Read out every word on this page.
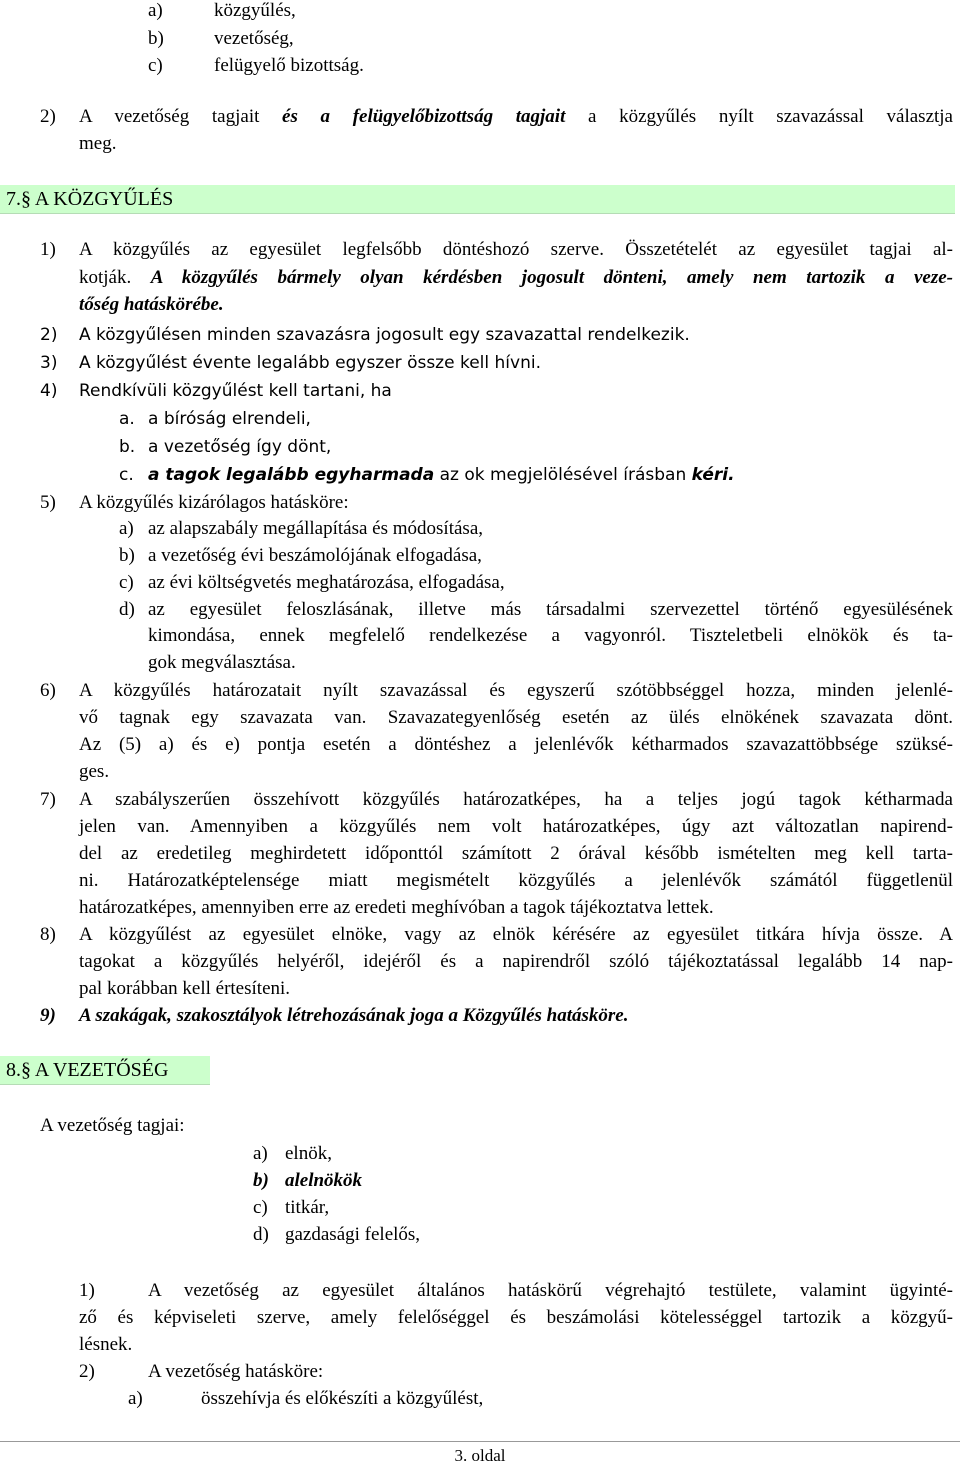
a)	közgyűlés,
b)	vezetőség,
c)	felügyelő bizottság.
2) A vezetőség tagjait és a felügyelőbizottság tagjait a közgyűlés nyílt szavazással választja
meg.
7.§ A KÖZGYŰLÉS
1) A közgyűlés az egyesület legfelsőbb döntéshozó szerve. Összetételét az egyesület tagjai al-
kotják. A közgyűlés bármely olyan kérdésben jogosult dönteni, amely nem tartozik a veze-
tőség hatáskörébe.
2) A közgyűlésen minden szavazásra jogosult egy szavazattal rendelkezik.
3) A közgyűlést évente legalább egyszer össze kell hívni.
4) Rendkívüli közgyűlést kell tartani, ha
a. a bíróság elrendeli,
b. a vezetőség így dönt,
c. a tagok legalább egyharmada az ok megjelölésével írásban kéri.
5) A közgyűlés kizárólagos hatásköre:
a) az alapszabály megállapítása és módosítása,
b) a vezetőség évi beszámolójának elfogadása,
c) az évi költségvetés meghatározása, elfogadása,
d) az egyesület feloszlásának, illetve más társadalmi szervezettel történő egyesülésének
kimondása, ennek megfelelő rendelkezése a vagyonról. Tiszteletbeli elnökök és ta-
gok megválasztása.
6) A közgyűlés határozatait nyílt szavazással és egyszerű szótöbbséggel hozza, minden jelenlé-
vő tagnak egy szavazata van. Szavazategyenlőség esetén az ülés elnökének szavazata dönt.
Az (5) a) és e) pontja esetén a döntéshez a jelenlévők kétharmados szavazattöbbsége szüksé-
ges.
7) A szabályszerűen összehívott közgyűlés határozatképes, ha a teljes jogú tagok kétharmada
jelen van. Amennyiben a közgyűlés nem volt határozatképes, úgy azt változatlan napirend-
del az eredetileg meghirdetett időponttól számított 2 órával később ismételten meg kell tarta-
ni. Határozatképtelensége miatt megismételt közgyűlés a jelenlévők számától függetlenül
határozatképes, amennyiben erre az eredeti meghívóban a tagok tájékoztatva lettek.
8) A közgyűlést az egyesület elnöke, vagy az elnök kérésére az egyesület titkára hívja össze. A
tagokat a közgyűlés helyéről, idejéről és a napirendről szóló tájékoztatással legalább 14 nap-
pal korábban kell értesíteni.
9) A szakágak, szakosztályok létrehozásának joga a Közgyűlés hatásköre.
8.§ A VEZETŐSÉG
A vezetőség tagjai:
a) elnök,
b) alelnökök
c) titkár,
d) gazdasági felelős,
1)	A vezetőség az egyesület általános hatáskörű végrehajtó testülete, valamint ügyinté-
ző és képviseleti szerve, amely felelőséggel és beszámolási kötelességgel tartozik a közgyű-
lésnek.
2)	A vezetőség hatásköre:
a)	összehívja és előkészíti a közgyűlést,
3. oldal
